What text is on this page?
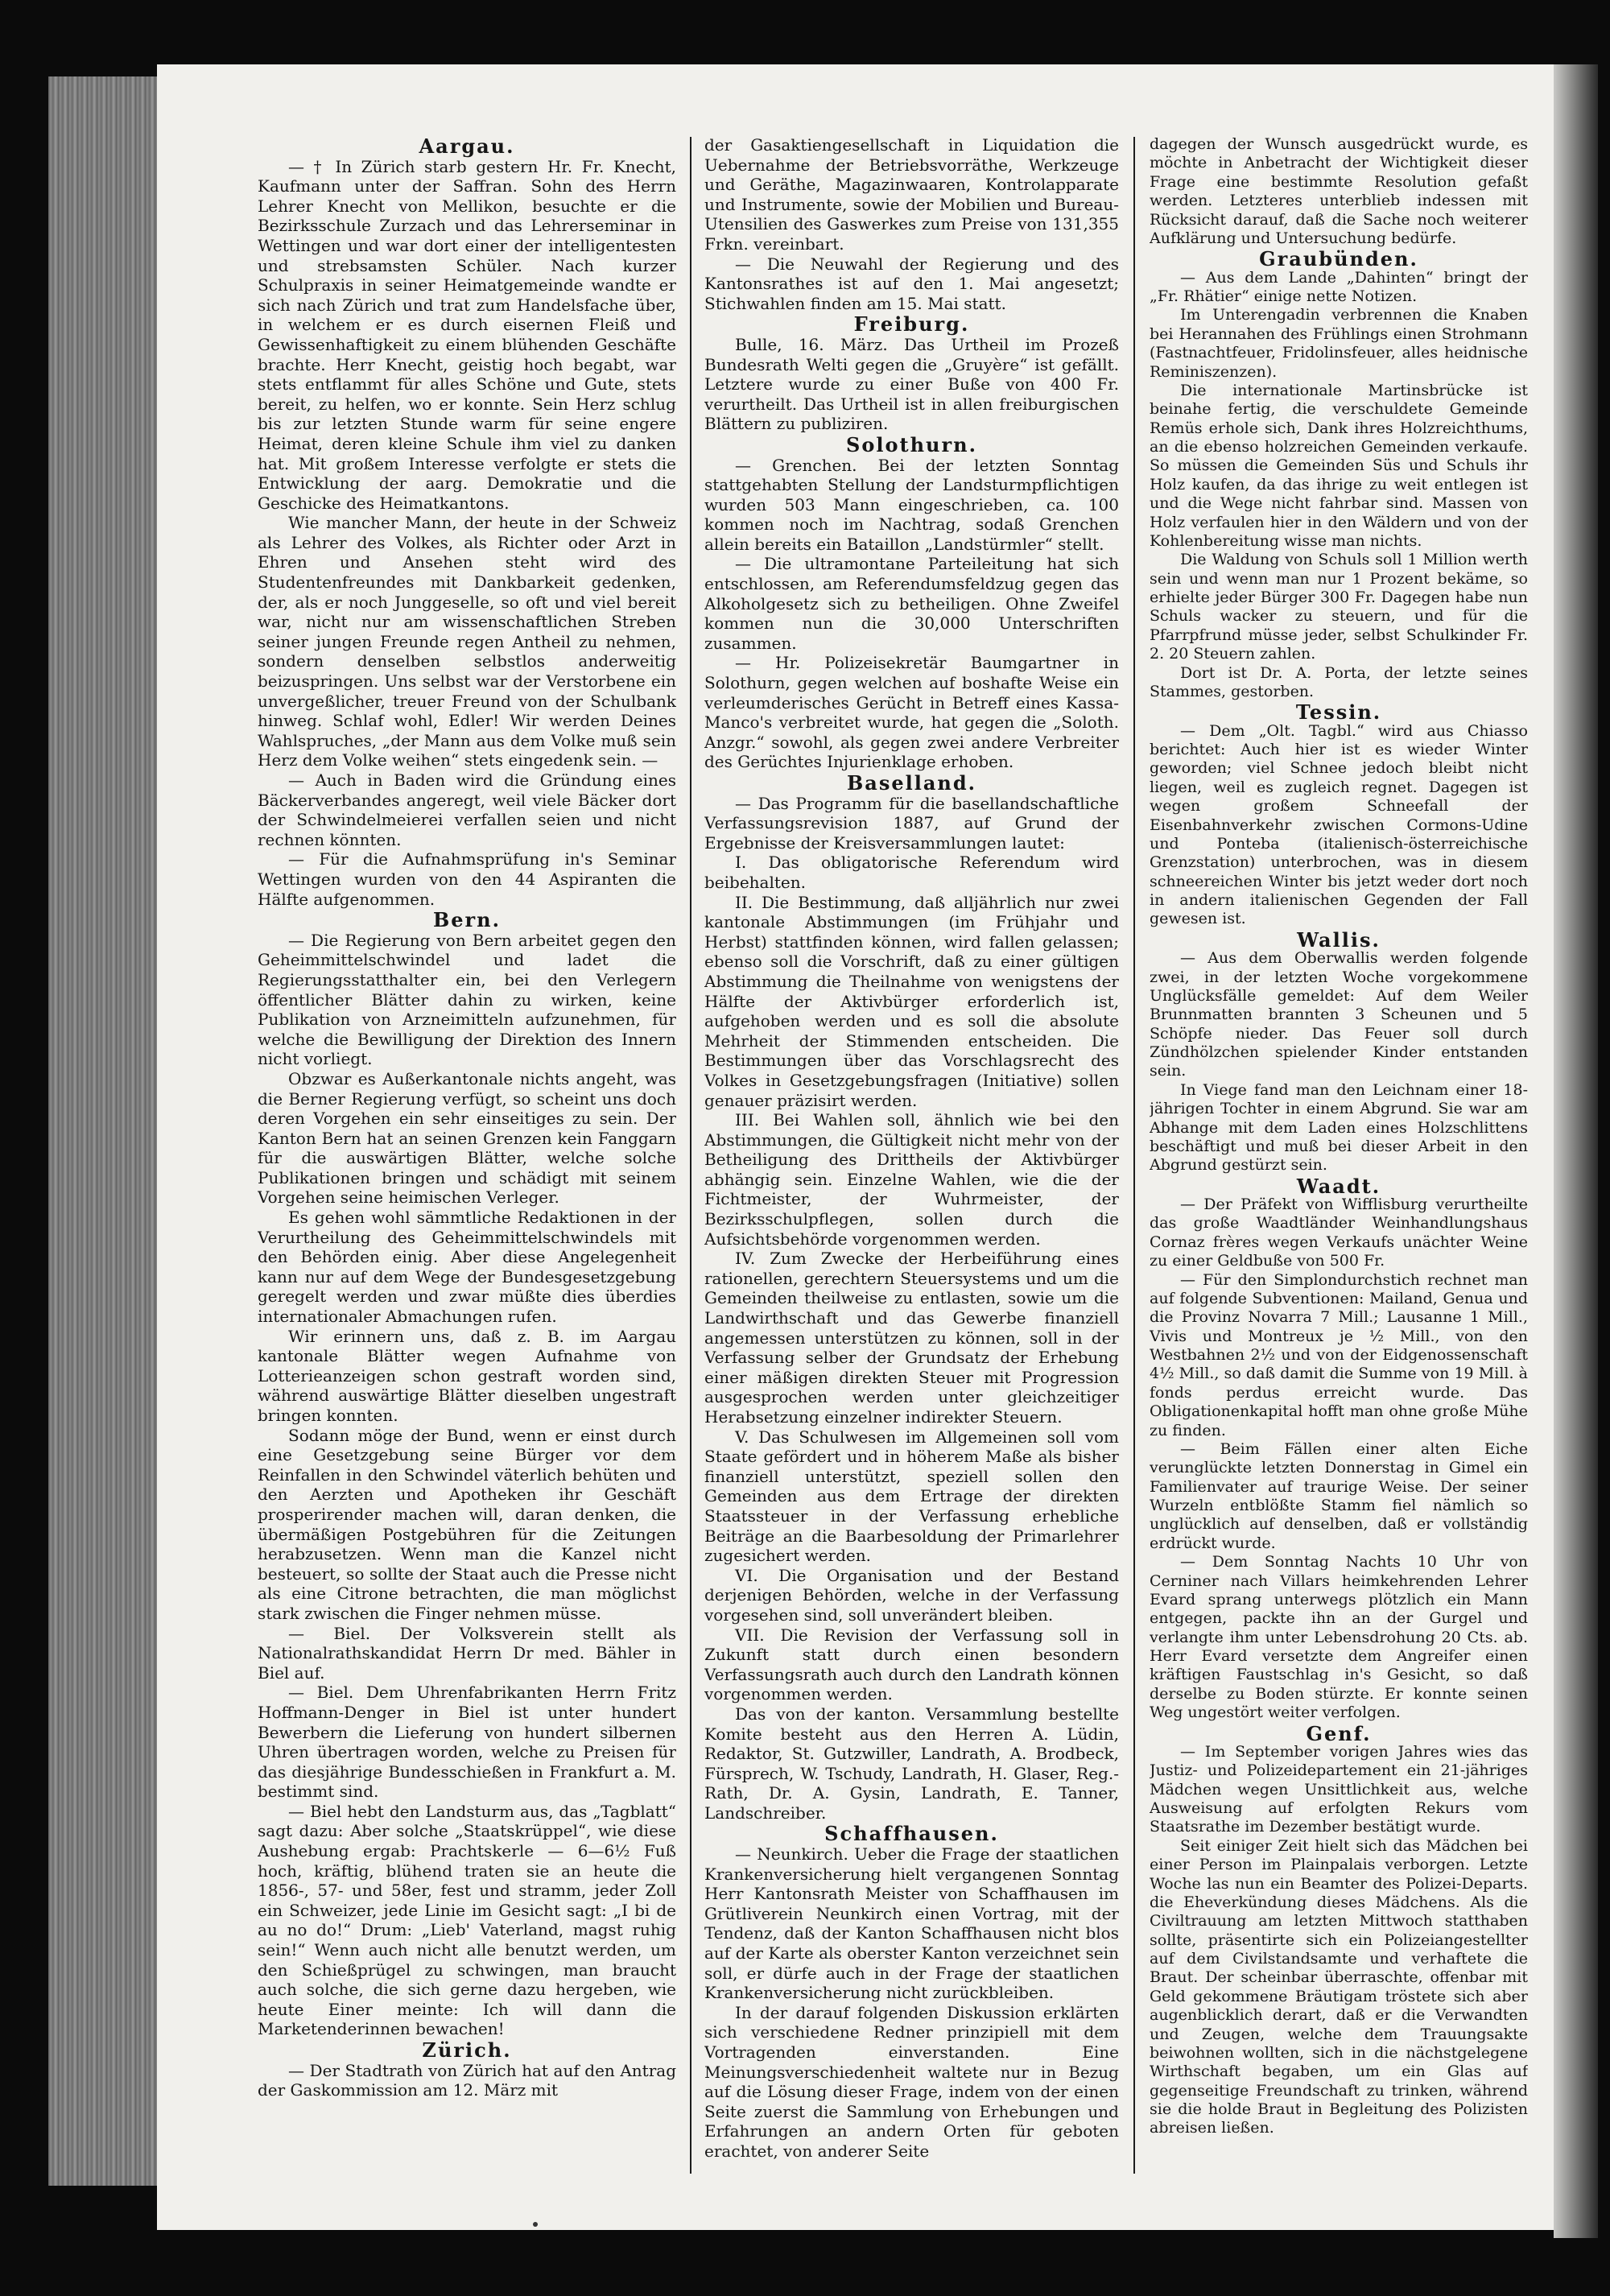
Aargau.
— † In Zürich starb gestern Hr. Fr. Knecht, Kaufmann unter der Saffran. Sohn des Herrn Lehrer Knecht von Mellikon, besuchte er die Bezirksschule Zurzach und das Lehrerseminar in Wettingen und war dort einer der intelligentesten und strebsamsten Schüler. Nach kurzer Schulpraxis in seiner Heimatgemeinde wandte er sich nach Zürich und trat zum Handelsfache über, in welchem er es durch eisernen Fleiß und Gewissenhaftigkeit zu einem blühenden Geschäfte brachte. Herr Knecht, geistig hoch begabt, war stets entflammt für alles Schöne und Gute, stets bereit, zu helfen, wo er konnte. Sein Herz schlug bis zur letzten Stunde warm für seine engere Heimat, deren kleine Schule ihm viel zu danken hat. Mit großem Interesse verfolgte er stets die Entwicklung der aarg. Demokratie und die Geschicke des Heimatkantons.
Wie mancher Mann, der heute in der Schweiz als Lehrer des Volkes, als Richter oder Arzt in Ehren und Ansehen steht wird des Studentenfreundes mit Dankbarkeit gedenken, der, als er noch Junggeselle, so oft und viel bereit war, nicht nur am wissenschaftlichen Streben seiner jungen Freunde regen Antheil zu nehmen, sondern denselben selbstlos anderweitig beizuspringen. Uns selbst war der Verstorbene ein unvergeßlicher, treuer Freund von der Schulbank hinweg. Schlaf wohl, Edler! Wir werden Deines Wahlspruches, „der Mann aus dem Volke muß sein Herz dem Volke weihen“ stets eingedenk sein. —
— Auch in Baden wird die Gründung eines Bäckerverbandes angeregt, weil viele Bäcker dort der Schwindelmeierei verfallen seien und nicht rechnen könnten.
— Für die Aufnahmsprüfung in's Seminar Wettingen wurden von den 44 Aspiranten die Hälfte aufgenommen.
Bern.
— Die Regierung von Bern arbeitet gegen den Geheimmittelschwindel und ladet die Regierungsstatthalter ein, bei den Verlegern öffentlicher Blätter dahin zu wirken, keine Publikation von Arzneimitteln aufzunehmen, für welche die Bewilligung der Direktion des Innern nicht vorliegt.
Obzwar es Außerkantonale nichts angeht, was die Berner Regierung verfügt, so scheint uns doch deren Vorgehen ein sehr einseitiges zu sein. Der Kanton Bern hat an seinen Grenzen kein Fanggarn für die auswärtigen Blätter, welche solche Publikationen bringen und schädigt mit seinem Vorgehen seine heimischen Verleger.
Es gehen wohl sämmtliche Redaktionen in der Verurtheilung des Geheimmittelschwindels mit den Behörden einig. Aber diese Angelegenheit kann nur auf dem Wege der Bundesgesetzgebung geregelt werden und zwar müßte dies überdies internationaler Abmachungen rufen.
Wir erinnern uns, daß z. B. im Aargau kantonale Blätter wegen Aufnahme von Lotterieanzeigen schon gestraft worden sind, während auswärtige Blätter dieselben ungestraft bringen konnten.
Sodann möge der Bund, wenn er einst durch eine Gesetzgebung seine Bürger vor dem Reinfallen in den Schwindel väterlich behüten und den Aerzten und Apotheken ihr Geschäft prosperirender machen will, daran denken, die übermäßigen Postgebühren für die Zeitungen herabzusetzen. Wenn man die Kanzel nicht besteuert, so sollte der Staat auch die Presse nicht als eine Citrone betrachten, die man möglichst stark zwischen die Finger nehmen müsse.
— Biel. Der Volksverein stellt als Nationalrathskandidat Herrn Dr med. Bähler in Biel auf.
— Biel. Dem Uhrenfabrikanten Herrn Fritz Hoffmann-Denger in Biel ist unter hundert Bewerbern die Lieferung von hundert silbernen Uhren übertragen worden, welche zu Preisen für das diesjährige Bundesschießen in Frankfurt a. M. bestimmt sind.
— Biel hebt den Landsturm aus, das „Tagblatt“ sagt dazu: Aber solche „Staatskrüppel“, wie diese Aushebung ergab: Prachtskerle — 6—6½ Fuß hoch, kräftig, blühend traten sie an heute die 1856-, 57- und 58er, fest und stramm, jeder Zoll ein Schweizer, jede Linie im Gesicht sagt: „I bi de au no do!“ Drum: „Lieb' Vaterland, magst ruhig sein!“ Wenn auch nicht alle benutzt werden, um den Schießprügel zu schwingen, man braucht auch solche, die sich gerne dazu hergeben, wie heute Einer meinte: Ich will dann die Marketenderinnen bewachen!
Zürich.
— Der Stadtrath von Zürich hat auf den Antrag der Gaskommission am 12. März mit
der Gasaktiengesellschaft in Liquidation die Uebernahme der Betriebsvorräthe, Werkzeuge und Geräthe, Magazinwaaren, Kontrolapparate und Instrumente, sowie der Mobilien und Bureau-Utensilien des Gaswerkes zum Preise von 131,355 Frkn. vereinbart.
— Die Neuwahl der Regierung und des Kantonsrathes ist auf den 1. Mai angesetzt; Stichwahlen finden am 15. Mai statt.
Freiburg.
Bulle, 16. März. Das Urtheil im Prozeß Bundesrath Welti gegen die „Gruyère“ ist gefällt. Letztere wurde zu einer Buße von 400 Fr. verurtheilt. Das Urtheil ist in allen freiburgischen Blättern zu publiziren.
Solothurn.
— Grenchen. Bei der letzten Sonntag stattgehabten Stellung der Landsturmpflichtigen wurden 503 Mann eingeschrieben, ca. 100 kommen noch im Nachtrag, sodaß Grenchen allein bereits ein Bataillon „Landstürmler“ stellt.
— Die ultramontane Parteileitung hat sich entschlossen, am Referendumsfeldzug gegen das Alkoholgesetz sich zu betheiligen. Ohne Zweifel kommen nun die 30,000 Unterschriften zusammen.
— Hr. Polizeisekretär Baumgartner in Solothurn, gegen welchen auf boshafte Weise ein verleumderisches Gerücht in Betreff eines Kassa-Manco's verbreitet wurde, hat gegen die „Soloth. Anzgr.“ sowohl, als gegen zwei andere Verbreiter des Gerüchtes Injurienklage erhoben.
Baselland.
— Das Programm für die basellandschaftliche Verfassungsrevision 1887, auf Grund der Ergebnisse der Kreisversammlungen lautet:
I. Das obligatorische Referendum wird beibehalten.
II. Die Bestimmung, daß alljährlich nur zwei kantonale Abstimmungen (im Frühjahr und Herbst) stattfinden können, wird fallen gelassen; ebenso soll die Vorschrift, daß zu einer gültigen Abstimmung die Theilnahme von wenigstens der Hälfte der Aktivbürger erforderlich ist, aufgehoben werden und es soll die absolute Mehrheit der Stimmenden entscheiden. Die Bestimmungen über das Vorschlagsrecht des Volkes in Gesetzgebungsfragen (Initiative) sollen genauer präzisirt werden.
III. Bei Wahlen soll, ähnlich wie bei den Abstimmungen, die Gültigkeit nicht mehr von der Betheiligung des Drittheils der Aktivbürger abhängig sein. Einzelne Wahlen, wie die der Fichtmeister, der Wuhrmeister, der Bezirksschulpflegen, sollen durch die Aufsichtsbehörde vorgenommen werden.
IV. Zum Zwecke der Herbeiführung eines rationellen, gerechtern Steuersystems und um die Gemeinden theilweise zu entlasten, sowie um die Landwirthschaft und das Gewerbe finanziell angemessen unterstützen zu können, soll in der Verfassung selber der Grundsatz der Erhebung einer mäßigen direkten Steuer mit Progression ausgesprochen werden unter gleichzeitiger Herabsetzung einzelner indirekter Steuern.
V. Das Schulwesen im Allgemeinen soll vom Staate gefördert und in höherem Maße als bisher finanziell unterstützt, speziell sollen den Gemeinden aus dem Ertrage der direkten Staatssteuer in der Verfassung erhebliche Beiträge an die Baarbesoldung der Primarlehrer zugesichert werden.
VI. Die Organisation und der Bestand derjenigen Behörden, welche in der Verfassung vorgesehen sind, soll unverändert bleiben.
VII. Die Revision der Verfassung soll in Zukunft statt durch einen besondern Verfassungsrath auch durch den Landrath können vorgenommen werden.
Das von der kanton. Versammlung bestellte Komite besteht aus den Herren A. Lüdin, Redaktor, St. Gutzwiller, Landrath, A. Brodbeck, Fürsprech, W. Tschudy, Landrath, H. Glaser, Reg.-Rath, Dr. A. Gysin, Landrath, E. Tanner, Landschreiber.
Schaffhausen.
— Neunkirch. Ueber die Frage der staatlichen Krankenversicherung hielt vergangenen Sonntag Herr Kantonsrath Meister von Schaffhausen im Grütliverein Neunkirch einen Vortrag, mit der Tendenz, daß der Kanton Schaffhausen nicht blos auf der Karte als oberster Kanton verzeichnet sein soll, er dürfe auch in der Frage der staatlichen Krankenversicherung nicht zurückbleiben.
In der darauf folgenden Diskussion erklärten sich verschiedene Redner prinzipiell mit dem Vortragenden einverstanden. Eine Meinungsverschiedenheit waltete nur in Bezug auf die Lösung dieser Frage, indem von der einen Seite zuerst die Sammlung von Erhebungen und Erfahrungen an andern Orten für geboten erachtet, von anderer Seite
dagegen der Wunsch ausgedrückt wurde, es möchte in Anbetracht der Wichtigkeit dieser Frage eine bestimmte Resolution gefaßt werden. Letzteres unterblieb indessen mit Rücksicht darauf, daß die Sache noch weiterer Aufklärung und Untersuchung bedürfe.
Graubünden.
— Aus dem Lande „Dahinten“ bringt der „Fr. Rhätier“ einige nette Notizen.
Im Unterengadin verbrennen die Knaben bei Herannahen des Frühlings einen Strohmann (Fastnachtfeuer, Fridolinsfeuer, alles heidnische Reminiszenzen).
Die internationale Martinsbrücke ist beinahe fertig, die verschuldete Gemeinde Remüs erhole sich, Dank ihres Holzreichthums, an die ebenso holzreichen Gemeinden verkaufe. So müssen die Gemeinden Süs und Schuls ihr Holz kaufen, da das ihrige zu weit entlegen ist und die Wege nicht fahrbar sind. Massen von Holz verfaulen hier in den Wäldern und von der Kohlenbereitung wisse man nichts.
Die Waldung von Schuls soll 1 Million werth sein und wenn man nur 1 Prozent bekäme, so erhielte jeder Bürger 300 Fr. Dagegen habe nun Schuls wacker zu steuern, und für die Pfarrpfrund müsse jeder, selbst Schulkinder Fr. 2. 20 Steuern zahlen.
Dort ist Dr. A. Porta, der letzte seines Stammes, gestorben.
Tessin.
— Dem „Olt. Tagbl.“ wird aus Chiasso berichtet: Auch hier ist es wieder Winter geworden; viel Schnee jedoch bleibt nicht liegen, weil es zugleich regnet. Dagegen ist wegen großem Schneefall der Eisenbahnverkehr zwischen Cormons-Udine und Ponteba (italienisch-österreichische Grenzstation) unterbrochen, was in diesem schneereichen Winter bis jetzt weder dort noch in andern italienischen Gegenden der Fall gewesen ist.
Wallis.
— Aus dem Oberwallis werden folgende zwei, in der letzten Woche vorgekommene Unglücksfälle gemeldet: Auf dem Weiler Brunnmatten brannten 3 Scheunen und 5 Schöpfe nieder. Das Feuer soll durch Zündhölzchen spielender Kinder entstanden sein.
In Viege fand man den Leichnam einer 18-jährigen Tochter in einem Abgrund. Sie war am Abhange mit dem Laden eines Holzschlittens beschäftigt und muß bei dieser Arbeit in den Abgrund gestürzt sein.
Waadt.
— Der Präfekt von Wifflisburg verurtheilte das große Waadtländer Weinhandlungshaus Cornaz frères wegen Verkaufs unächter Weine zu einer Geldbuße von 500 Fr.
— Für den Simplondurchstich rechnet man auf folgende Subventionen: Mailand, Genua und die Provinz Novarra 7 Mill.; Lausanne 1 Mill., Vivis und Montreux je ½ Mill., von den Westbahnen 2½ und von der Eidgenossenschaft 4½ Mill., so daß damit die Summe von 19 Mill. à fonds perdus erreicht wurde. Das Obligationenkapital hofft man ohne große Mühe zu finden.
— Beim Fällen einer alten Eiche verunglückte letzten Donnerstag in Gimel ein Familienvater auf traurige Weise. Der seiner Wurzeln entblößte Stamm fiel nämlich so unglücklich auf denselben, daß er vollständig erdrückt wurde.
— Dem Sonntag Nachts 10 Uhr von Cerniner nach Villars heimkehrenden Lehrer Evard sprang unterwegs plötzlich ein Mann entgegen, packte ihn an der Gurgel und verlangte ihm unter Lebensdrohung 20 Cts. ab. Herr Evard versetzte dem Angreifer einen kräftigen Faustschlag in's Gesicht, so daß derselbe zu Boden stürzte. Er konnte seinen Weg ungestört weiter verfolgen.
Genf.
— Im September vorigen Jahres wies das Justiz- und Polizeidepartement ein 21-jähriges Mädchen wegen Unsittlichkeit aus, welche Ausweisung auf erfolgten Rekurs vom Staatsrathe im Dezember bestätigt wurde.
Seit einiger Zeit hielt sich das Mädchen bei einer Person im Plainpalais verborgen. Letzte Woche las nun ein Beamter des Polizei-Departs. die Eheverkündung dieses Mädchens. Als die Civiltrauung am letzten Mittwoch statthaben sollte, präsentirte sich ein Polizeiangestellter auf dem Civilstandsamte und verhaftete die Braut. Der scheinbar überraschte, offenbar mit Geld gekommene Bräutigam tröstete sich aber augenblicklich derart, daß er die Verwandten und Zeugen, welche dem Trauungsakte beiwohnen wollten, sich in die nächstgelegene Wirthschaft begaben, um ein Glas auf gegenseitige Freundschaft zu trinken, während sie die holde Braut in Begleitung des Polizisten abreisen ließen.
